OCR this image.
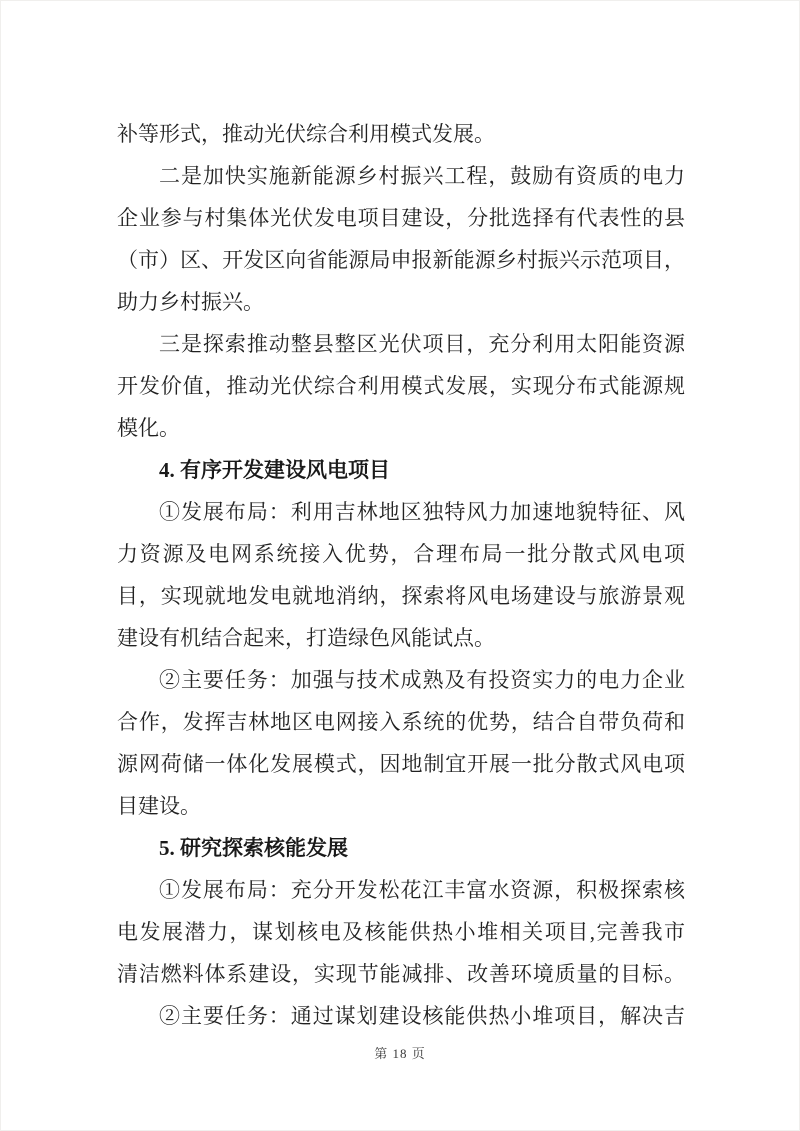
补等形式，推动光伏综合利用模式发展。
二是加快实施新能源乡村振兴工程，鼓励有资质的电力
企业参与村集体光伏发电项目建设，分批选择有代表性的县
（市）区、开发区向省能源局申报新能源乡村振兴示范项目，
助力乡村振兴。
三是探索推动整县整区光伏项目，充分利用太阳能资源
开发价值，推动光伏综合利用模式发展，实现分布式能源规
模化。
4. 有序开发建设风电项目
①发展布局：利用吉林地区独特风力加速地貌特征、风
力资源及电网系统接入优势，合理布局一批分散式风电项
目，实现就地发电就地消纳，探索将风电场建设与旅游景观
建设有机结合起来，打造绿色风能试点。
②主要任务：加强与技术成熟及有投资实力的电力企业
合作，发挥吉林地区电网接入系统的优势，结合自带负荷和
源网荷储一体化发展模式，因地制宜开展一批分散式风电项
目建设。
5. 研究探索核能发展
①发展布局：充分开发松花江丰富水资源，积极探索核
电发展潜力，谋划核电及核能供热小堆相关项目,完善我市
清洁燃料体系建设，实现节能减排、改善环境质量的目标。
②主要任务：通过谋划建设核能供热小堆项目，解决吉
第 18 页
